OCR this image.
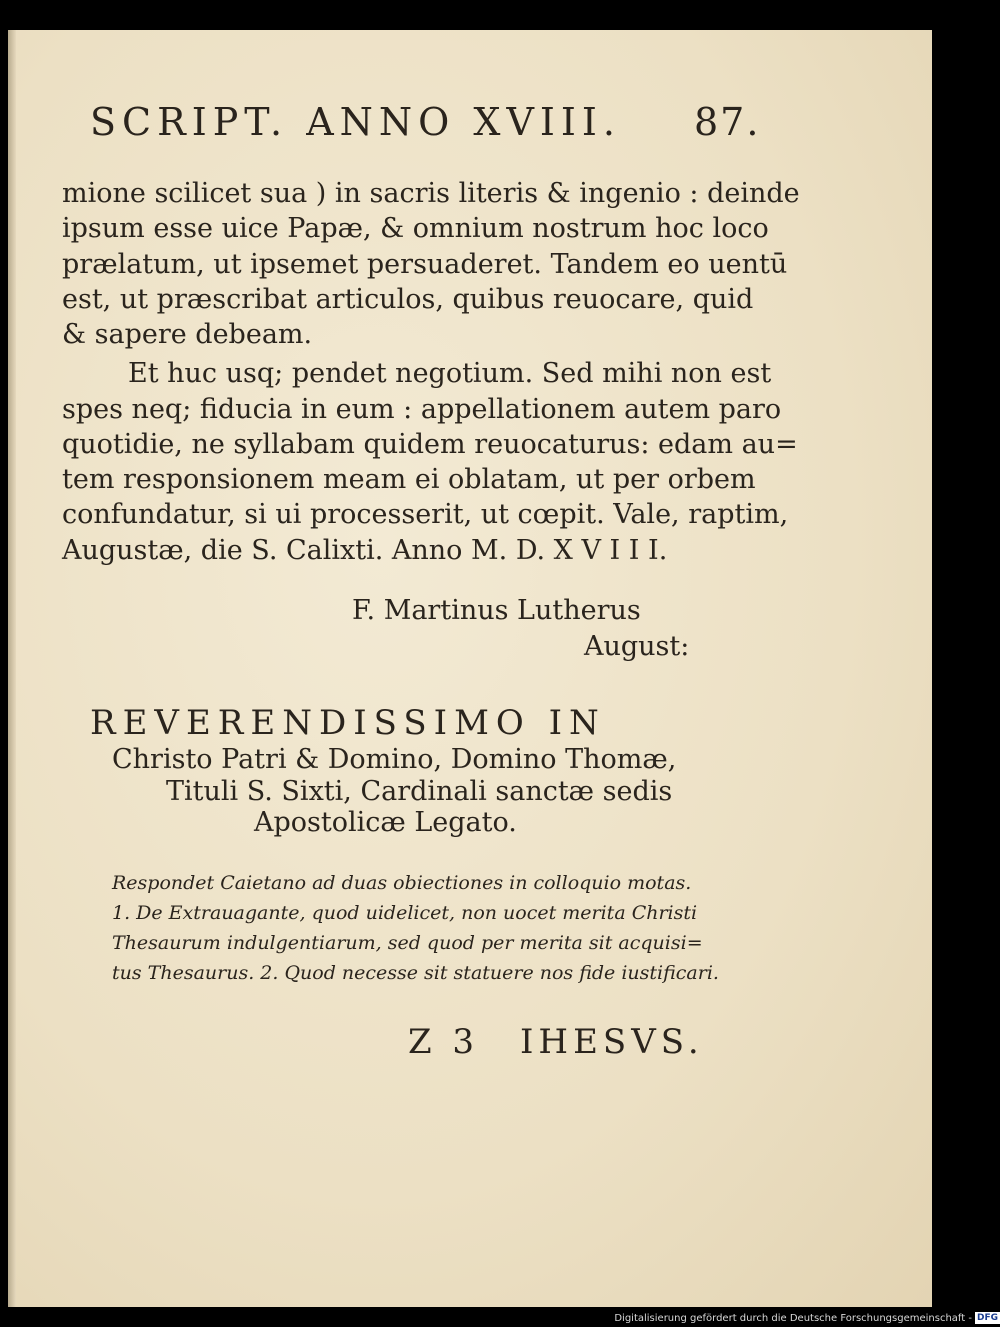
SCRIPT. ANNO XVIII. 87.
mione scilicet sua ) in sacris literis & ingenio : deinde
ipsum esse uice Papæ, & omnium nostrum hoc loco
prælatum, ut ipsemet persuaderet. Tandem eo uentū
est, ut præscribat articulos, quibus reuocare, quid
& sapere debeam.
Et huc usq; pendet negotium. Sed mihi non est
spes neq; fiducia in eum : appellationem autem paro
quotidie, ne syllabam quidem reuocaturus: edam au=
tem responsionem meam ei oblatam, ut per orbem
confundatur, si ui processerit, ut cœpit. Vale, raptim,
Augustæ, die S. Calixti. Anno M. D. X V I I I.
F. Martinus Lutherus
August:
REVERENDISSIMO IN
Christo Patri & Domino, Domino Thomæ,
Tituli S. Sixti, Cardinali sanctæ sedis
Apostolicæ Legato.
Respondet Caietano ad duas obiectiones in colloquio motas.
1. De Extrauagante, quod uidelicet, non uocet merita Christi
Thesaurum indulgentiarum, sed quod per merita sit acquisi=
tus Thesaurus. 2. Quod necesse sit statuere nos fide iustificari.
Z 3 IHESVS.
Digitalisierung gefördert durch die Deutsche Forschungsgemeinschaft - DFG
